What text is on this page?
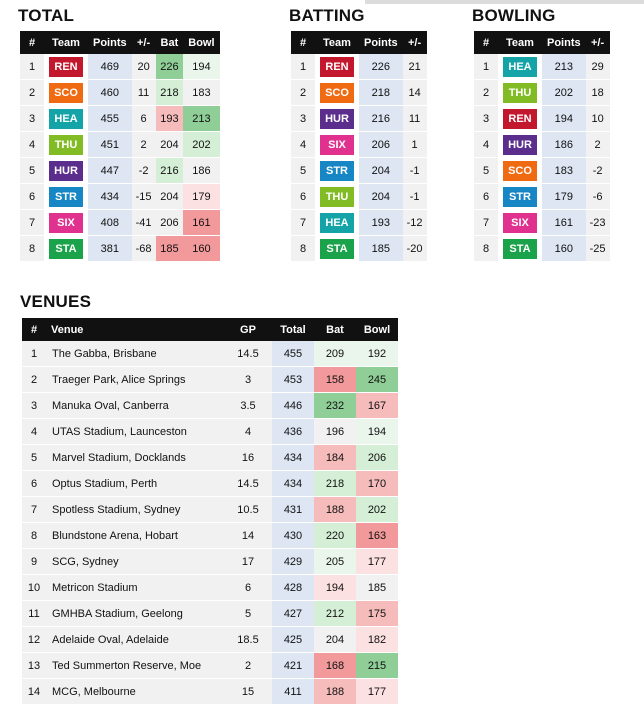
TOTAL	BATTING	BOWLING
VENUES
#	Team	Points	+/-	Bat	Bowl
1	REN	469	20	226	194
2	SCO	460	11	218	183
3	HEA	455	6	193	213
4	THU	451	2	204	202
5	HUR	447	-2	216	186
6	STR	434	-15	204	179
7	SIX	408	-41	206	161
8	STA	381	-68	185	160
#	Team	Points	+/-
1	REN	226	21
2	SCO	218	14
3	HUR	216	11
4	SIX	206	1
5	STR	204	-1
6	THU	204	-1
7	HEA	193	-12
8	STA	185	-20
#	Team	Points	+/-
1	HEA	213	29
2	THU	202	18
3	REN	194	10
4	HUR	186	2
5	SCO	183	-2
6	STR	179	-6
7	SIX	161	-23
8	STA	160	-25
#	Venue	GP	Total	Bat	Bowl
1	The Gabba, Brisbane	14.5	455	209	192
2	Traeger Park, Alice Springs	3	453	158	245
3	Manuka Oval, Canberra	3.5	446	232	167
4	UTAS Stadium, Launceston	4	436	196	194
5	Marvel Stadium, Docklands	16	434	184	206
6	Optus Stadium, Perth	14.5	434	218	170
7	Spotless Stadium, Sydney	10.5	431	188	202
8	Blundstone Arena, Hobart	14	430	220	163
9	SCG, Sydney	17	429	205	177
10	Metricon Stadium	6	428	194	185
11	GMHBA Stadium, Geelong	5	427	212	175
12	Adelaide Oval, Adelaide	18.5	425	204	182
13	Ted Summerton Reserve, Moe	2	421	168	215
14	MCG, Melbourne	15	411	188	177
